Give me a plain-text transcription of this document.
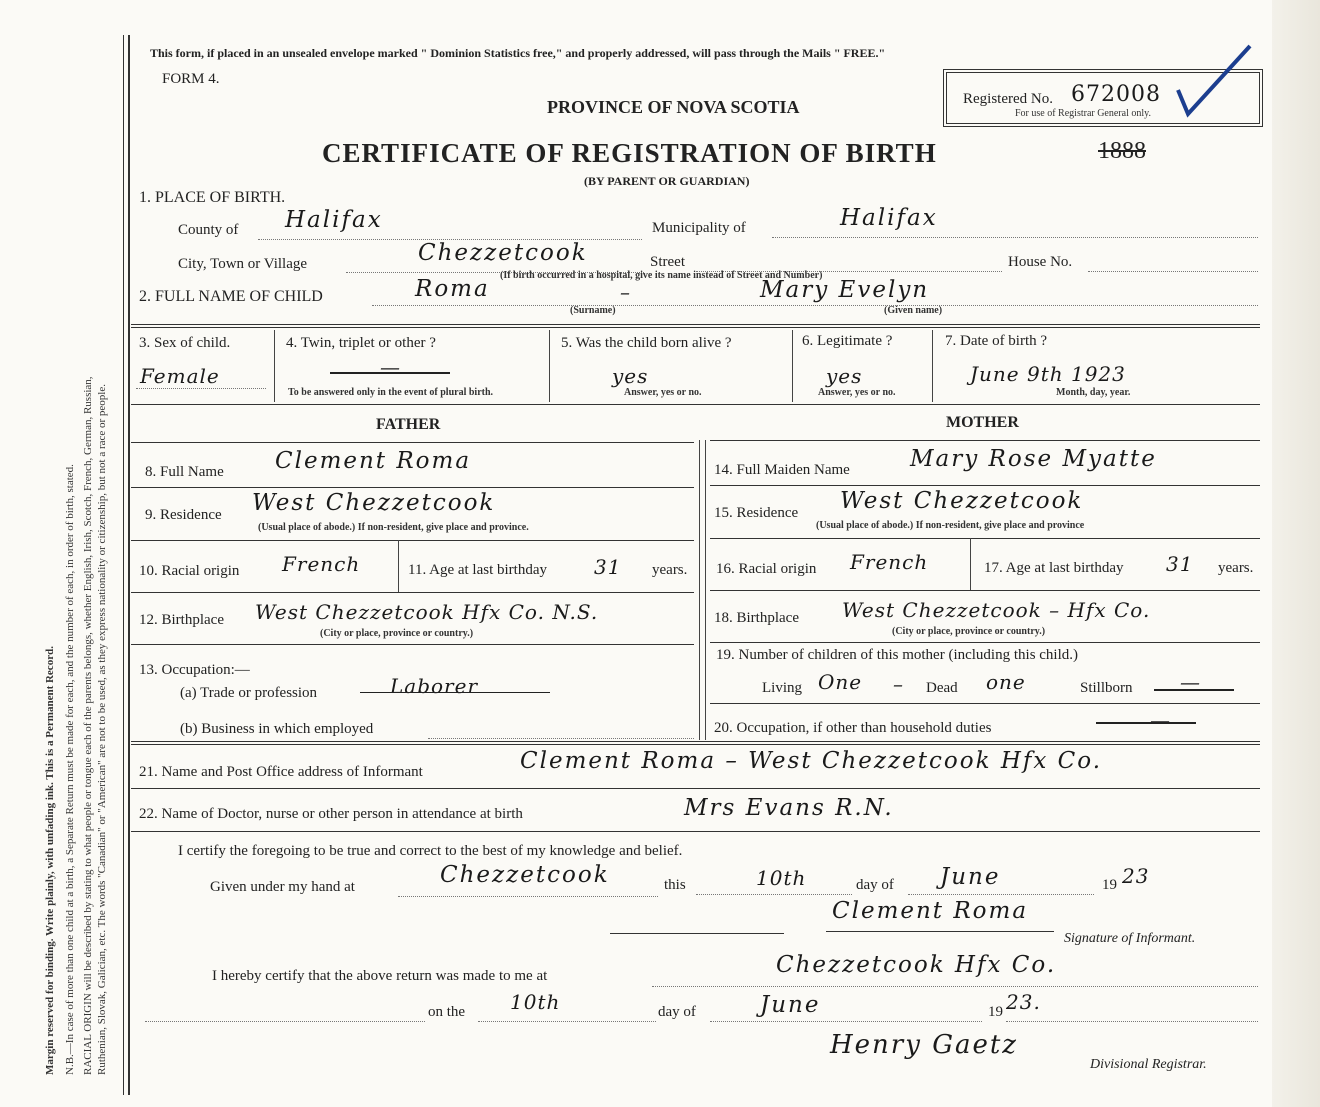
Margin reserved for binding. Write plainly, with unfading ink. This is a Permanent Record. N.B.—In case of more than one child at a birth, a Separate Return must be made for each, and the number of each, in order of birth, stated. RACIAL ORIGIN will be described by stating to what people or tongue each of the parents belongs, whether English, Irish, Scotch, French, German, Russian, Ruthenian, Slovak, Galician, etc. The words "Canadian" or "American" are not to be used, as they express nationality or citizenship, but not a race or people.
This form, if placed in an unsealed envelope marked " Dominion Statistics free," and properly addressed, will pass through the Mails " FREE."
FORM 4.
PROVINCE OF NOVA SCOTIA	Registered No. 672008
For use of Registrar General only.
CERTIFICATE OF REGISTRATION OF BIRTH	1888
(BY PARENT OR GUARDIAN)
1. PLACE OF BIRTH.
County of Halifax	Municipality of	Halifax
City, Town or Village	Chezzetcook	Street	House No.
(If birth occurred in a hospital, give its name instead of Street and Number)
2. FULL NAME OF CHILD	Roma	–	Mary Evelyn
(Surname)	(Given name)
3. Sex of child.
Female
4. Twin, triplet or other ?
—
To be answered only in the event of plural birth.
5. Was the child born alive ?
yes
Answer, yes or no.
6. Legitimate ?
yes
Answer, yes or no.
7. Date of birth ?
June 9th 1923
Month, day, year.
FATHER	MOTHER
8. Full Name Clement Roma	14. Full Maiden Name	Mary Rose Myatte
9. Residence West Chezzetcook
(Usual place of abode.) If non-resident, give place and province.
15. Residence West Chezzetcook
(Usual place of abode.) If non-resident, give place and province
10. Racial origin French	11. Age at last birthday 31 years. 16. Racial origin French	17. Age at last birthday 31 years.
12. Birthplace West Chezzetcook Hfx Co. N.S.
(City or place, province or country.)
18. Birthplace West Chezzetcook – Hfx Co.
(City or place, province or country.)
13. Occupation:—
(a) Trade or profession	Laborer
(b) Business in which employed
19. Number of children of this mother (including this child.)
Living One – Dead one	Stillborn —
20. Occupation, if other than household duties	—
21. Name and Post Office address of Informant	Clement Roma – West Chezzetcook Hfx Co.
22. Name of Doctor, nurse or other person in attendance at birth	Mrs Evans R.N.
I certify the foregoing to be true and correct to the best of my knowledge and belief.
Given under my hand at	Chezzetcook	this	10th	day of June	19 23
Clement Roma
Signature of Informant.
I hereby certify that the above return was made to me at	Chezzetcook Hfx Co.
on the 10th	day of	June	19 23.
Henry Gaetz
Divisional Registrar.
